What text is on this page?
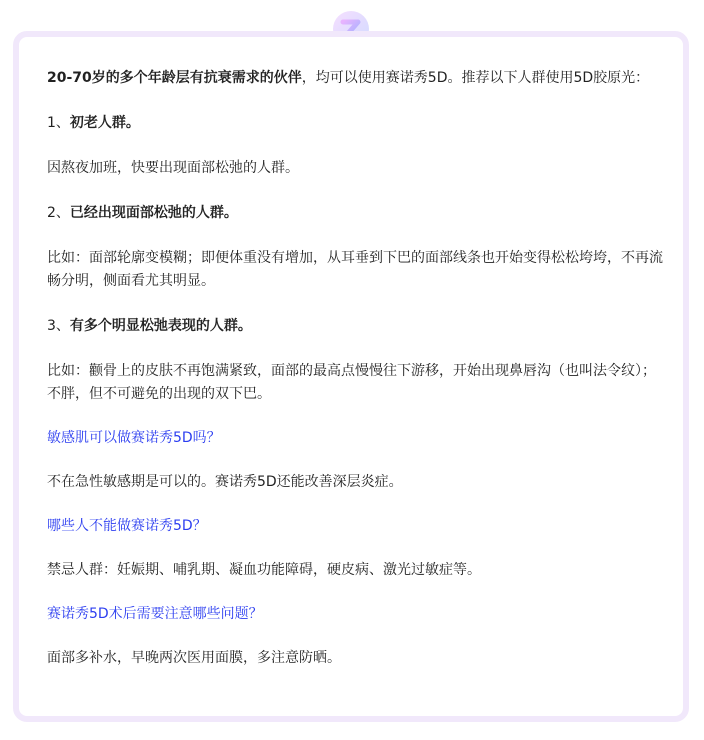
20-70岁的多个年龄层有抗衰需求的伙伴，均可以使用赛诺秀5D。推荐以下人群使用5D胶原光：

1、初老人群。

因熬夜加班，快要出现面部松弛的人群。

2、已经出现面部松弛的人群。

比如：面部轮廓变模糊；即便体重没有增加，从耳垂到下巴的面部线条也开始变得松松垮垮，不再流畅分明，侧面看尤其明显。

3、有多个明显松弛表现的人群。

比如：颧骨上的皮肤不再饱满紧致，面部的最高点慢慢往下游移，开始出现鼻唇沟（也叫法令纹）；不胖，但不可避免的出现的双下巴。

敏感肌可以做赛诺秀5D吗？

不在急性敏感期是可以的。赛诺秀5D还能改善深层炎症。

哪些人不能做赛诺秀5D？

禁忌人群：妊娠期、哺乳期、凝血功能障碍，硬皮病、激光过敏症等。

赛诺秀5D术后需要注意哪些问题？

面部多补水，早晚两次医用面膜，多注意防晒。
